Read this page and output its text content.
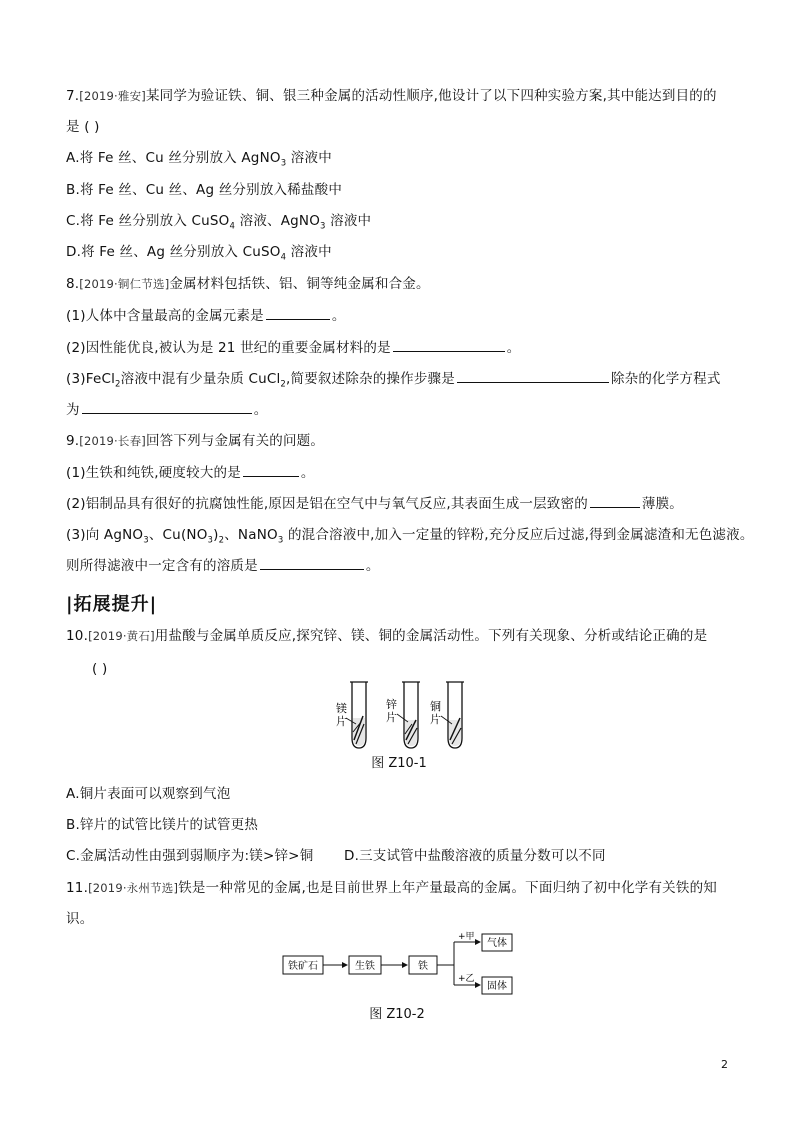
7.[2019·雅安]某同学为验证铁、铜、银三种金属的活动性顺序,他设计了以下四种实验方案,其中能达到目的的
是 ( )
A.将 Fe 丝、Cu 丝分别放入 AgNO$_3$ 溶液中
B.将 Fe 丝、Cu 丝、Ag 丝分别放入稀盐酸中
C.将 Fe 丝分别放入 CuSO$_4$ 溶液、AgNO$_3$ 溶液中
D.将 Fe 丝、Ag 丝分别放入 CuSO$_4$ 溶液中
8.[2019·铜仁节选]金属材料包括铁、铝、铜等纯金属和合金。
(1)人体中含量最高的金属元素是	。
(2)因性能优良,被认为是 21 世纪的重要金属材料的是	。
(3)FeCl$_2$溶液中混有少量杂质 CuCl$_2$,简要叙述除杂的操作步骤是	除杂的化学方程式
为	。
9.[2019·长春]回答下列与金属有关的问题。
(1)生铁和纯铁,硬度较大的是	。
(2)铝制品具有很好的抗腐蚀性能,原因是铝在空气中与氧气反应,其表面生成一层致密的	薄膜。
(3)向 AgNO$_3$、$Cu(NO_3)_2$、NaNO$_3$ 的混合溶液中,加入一定量的锌粉,充分反应后过滤,得到金属滤渣和无色滤液。
则所得滤液中一定含有的溶质是	。
|拓展提升|
10.[2019·黄石]用盐酸与金属单质反应,探究锌、镁、铜的金属活动性。下列有关现象、分析或结论正确的是
( )
镁
片
锌
片
铜
片
图 Z10-1
A.铜片表面可以观察到气泡
B.锌片的试管比镁片的试管更热
C.金属活动性由强到弱顺序为:镁>锌>铜 D.三支试管中盐酸溶液的质量分数可以不同
11.[2019·永州节选]铁是一种常见的金属,也是目前世界上年产量最高的金属。下面归纳了初中化学有关铁的知
识。
铁矿石	生铁	铁
+甲
+乙
气体
固体
图 Z10-2
2
